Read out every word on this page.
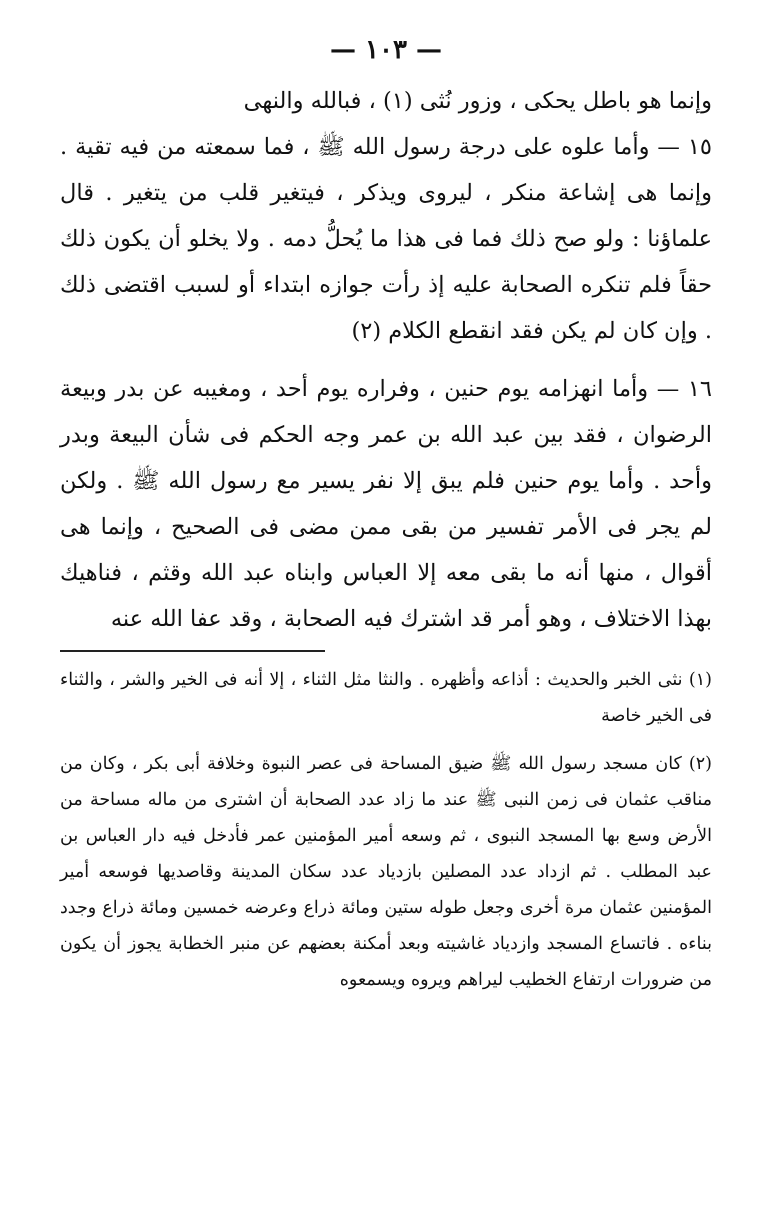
— ١٠٣ —

وإنما هو باطل يحكى ، وزور نُثى (١) ، فبالله والنهى

١٥ — وأما علوه على درجة رسول الله ﷺ ، فما سمعته من فيه تقية . وإنما هى إشاعة منكر ، ليروى ويذكر ، فيتغير قلب من يتغير . قال علماؤنا : ولو صح ذلك فما فى هذا ما يُحلُّ دمه . ولا يخلو أن يكون ذلك حقاً فلم تنكره الصحابة عليه إذ رأت جوازه ابتداء أو لسبب اقتضى ذلك . وإن كان لم يكن فقد انقطع الكلام (٢)

١٦ — وأما انهزامه يوم حنين ، وفراره يوم أحد ، ومغيبه عن بدر وبيعة الرضوان ، فقد بين عبد الله بن عمر وجه الحكم فى شأن البيعة وبدر وأحد . وأما يوم حنين فلم يبق إلا نفر يسير مع رسول الله ﷺ . ولكن لم يجر فى الأمر تفسير من بقى ممن مضى فى الصحيح ، وإنما هى أقوال ، منها أنه ما بقى معه إلا العباس وابناه عبد الله وقثم ، فناهيك بهذا الاختلاف ، وهو أمر قد اشترك فيه الصحابة ، وقد عفا الله عنه

(١) نثى الخبر والحديث : أذاعه وأظهره . والنثا مثل الثناء ، إلا أنه فى الخير والشر ، والثناء فى الخير خاصة

(٢) كان مسجد رسول الله ﷺ ضيق المساحة فى عصر النبوة وخلافة أبى بكر ، وكان من مناقب عثمان فى زمن النبى ﷺ عند ما زاد عدد الصحابة أن اشترى من ماله مساحة من الأرض وسع بها المسجد النبوى ، ثم وسعه أمير المؤمنين عمر فأدخل فيه دار العباس بن عبد المطلب . ثم ازداد عدد المصلين بازدياد عدد سكان المدينة وقاصديها فوسعه أمير المؤمنين عثمان مرة أخرى وجعل طوله ستين ومائة ذراع وعرضه خمسين ومائة ذراع وجدد بناءه . فاتساع المسجد وازدياد غاشيته وبعد أمكنة بعضهم عن منبر الخطابة يجوز أن يكون من ضرورات ارتفاع الخطيب ليراهم ويروه ويسمعوه
